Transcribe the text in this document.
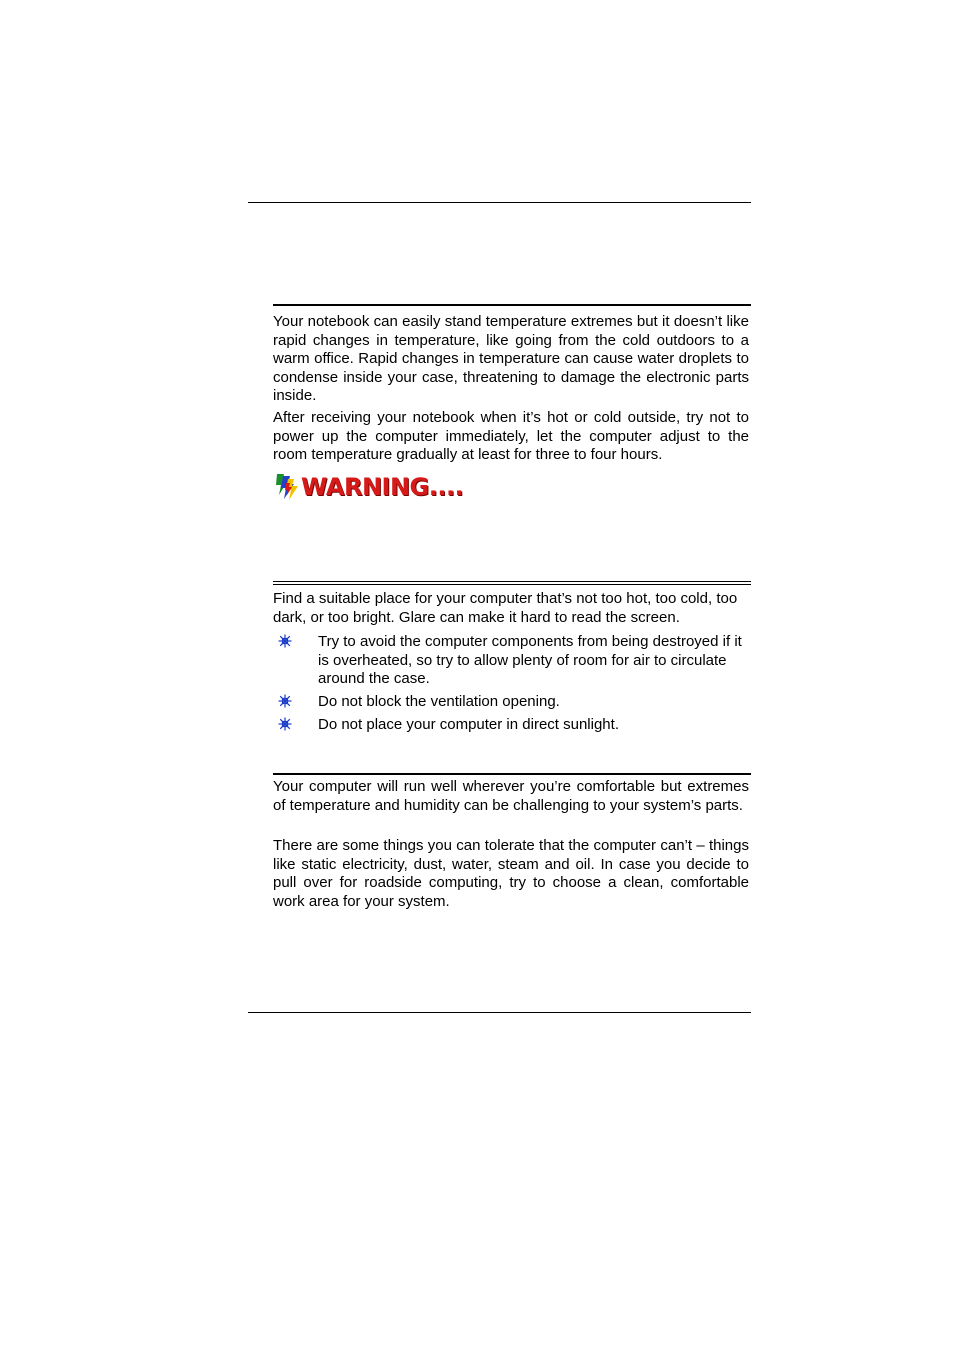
Your notebook can easily stand temperature extremes but it doesn’t like rapid changes in temperature, like going from the cold outdoors to a warm office. Rapid changes in temperature can cause water droplets to condense inside your case, threatening to damage the electronic parts inside.

After receiving your notebook when it’s hot or cold outside, try not to power up the computer immediately, let the computer adjust to the room temperature gradually at least for three to four hours.

WARNING....

Find a suitable place for your computer that’s not too hot, too cold, too dark, or too bright. Glare can make it hard to read the screen.

Try to avoid the computer components from being destroyed if it is overheated, so try to allow plenty of room for air to circulate around the case.
Do not block the ventilation opening.
Do not place your computer in direct sunlight.

Your computer will run well wherever you’re comfortable but extremes of temperature and humidity can be challenging to your system’s parts.

There are some things you can tolerate that the computer can’t – things like static electricity, dust, water, steam and oil. In case you decide to pull over for roadside computing, try to choose a clean, comfortable work area for your system.
